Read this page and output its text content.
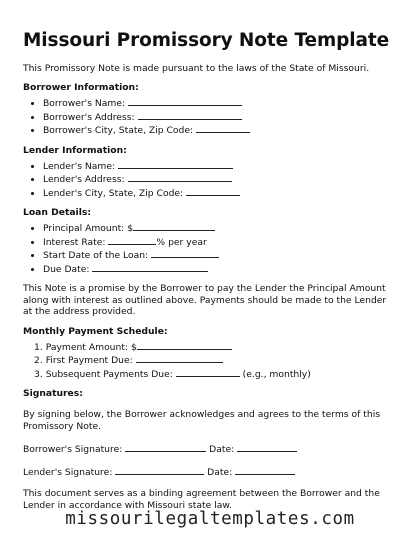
Missouri Promissory Note Template
This Promissory Note is made pursuant to the laws of the State of Missouri.
Borrower Information:
• Borrower's Name:
• Borrower's Address:
• Borrower's City, State, Zip Code:
Lender Information:
• Lender's Name:
• Lender's Address:
• Lender's City, State, Zip Code:
Loan Details:
• Principal Amount: $
• Interest Rate:	% per year
• Start Date of the Loan:
• Due Date:

This Note is a promise by the Borrower to pay the Lender the Principal Amount along with interest as outlined above. Payments should be made to the Lender at the address provided.

Monthly Payment Schedule:
1. Payment Amount: $
2. First Payment Due:
3. Subsequent Payments Due:	(e.g., monthly)
Signatures:

By signing below, the Borrower acknowledges and agrees to the terms of this Promissory Note.

Borrower's Signature:	Date:
Lender's Signature:	Date:

This document serves as a binding agreement between the Borrower and the Lender in accordance with Missouri state law.

missourilegaltemplates.com
